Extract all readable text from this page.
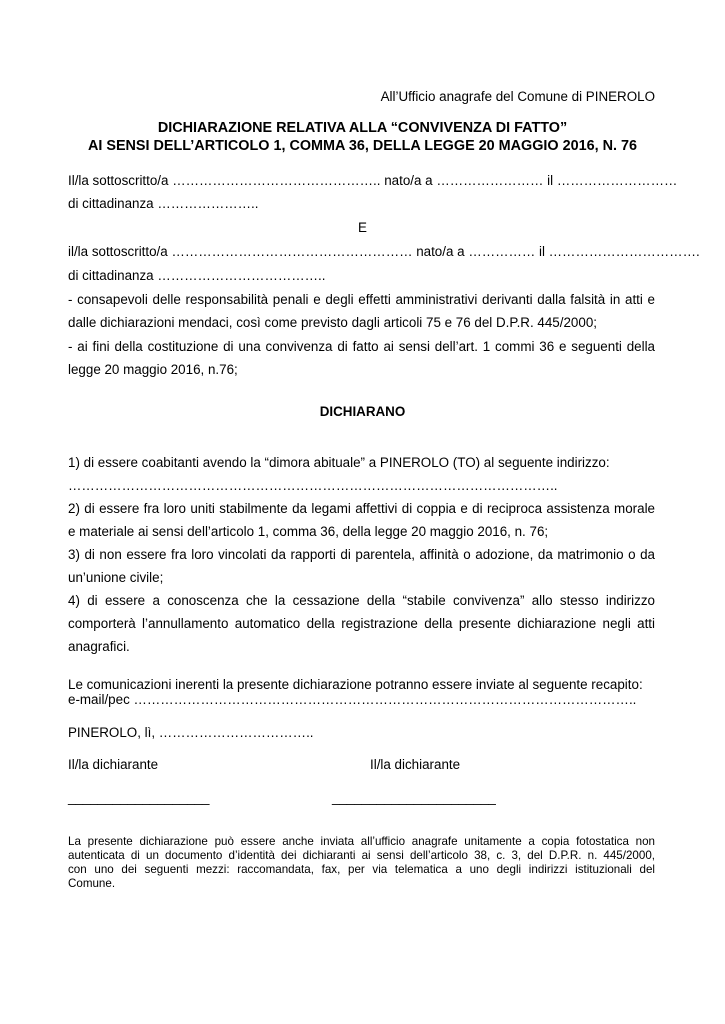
All’Ufficio anagrafe del Comune di PINEROLO
DICHIARAZIONE RELATIVA ALLA “CONVIVENZA DI FATTO”
AI SENSI DELL’ARTICOLO 1, COMMA 36, DELLA LEGGE 20 MAGGIO 2016, N. 76
Il/la sottoscritto/a ……………………………………….. nato/a a …………………… il ………………………
di cittadinanza …………………..
E
il/la sottoscritto/a ……………………………………………… nato/a a …………… il …………………………….
di cittadinanza ………………………………..
- consapevoli delle responsabilità penali e degli effetti amministrativi derivanti dalla falsità in atti e
dalle dichiarazioni mendaci, così come previsto dagli articoli 75 e 76 del D.P.R. 445/2000;
- ai fini della costituzione di una convivenza di fatto ai sensi dell’art. 1 commi 36 e seguenti della
legge 20 maggio 2016, n.76;
DICHIARANO
1) di essere coabitanti avendo la “dimora abituale” a PINEROLO (TO) al seguente indirizzo:
………………………………………………………………………………………………..
2) di essere fra loro uniti stabilmente da legami affettivi di coppia e di reciproca assistenza morale
e materiale ai sensi dell’articolo 1, comma 36, della legge 20 maggio 2016, n. 76;
3) di non essere fra loro vincolati da rapporti di parentela, affinità o adozione, da matrimonio o da
un’unione civile;
4) di essere a conoscenza che la cessazione della “stabile convivenza” allo stesso indirizzo
comporterà l’annullamento automatico della registrazione della presente dichiarazione negli atti
anagrafici.
Le comunicazioni inerenti la presente dichiarazione potranno essere inviate al seguente recapito:
e-mail/pec …………………………………………………………………………………………………..
PINEROLO, lì, ……………………………..
Il/la dichiarante	Il/la dichiarante
___________________	______________________
La presente dichiarazione può essere anche inviata all’ufficio anagrafe unitamente a copia fotostatica non
autenticata di un documento d’identità dei dichiaranti ai sensi dell’articolo 38, c. 3, del D.P.R. n. 445/2000,
con uno dei seguenti mezzi: raccomandata, fax, per via telematica a uno degli indirizzi istituzionali del
Comune.
